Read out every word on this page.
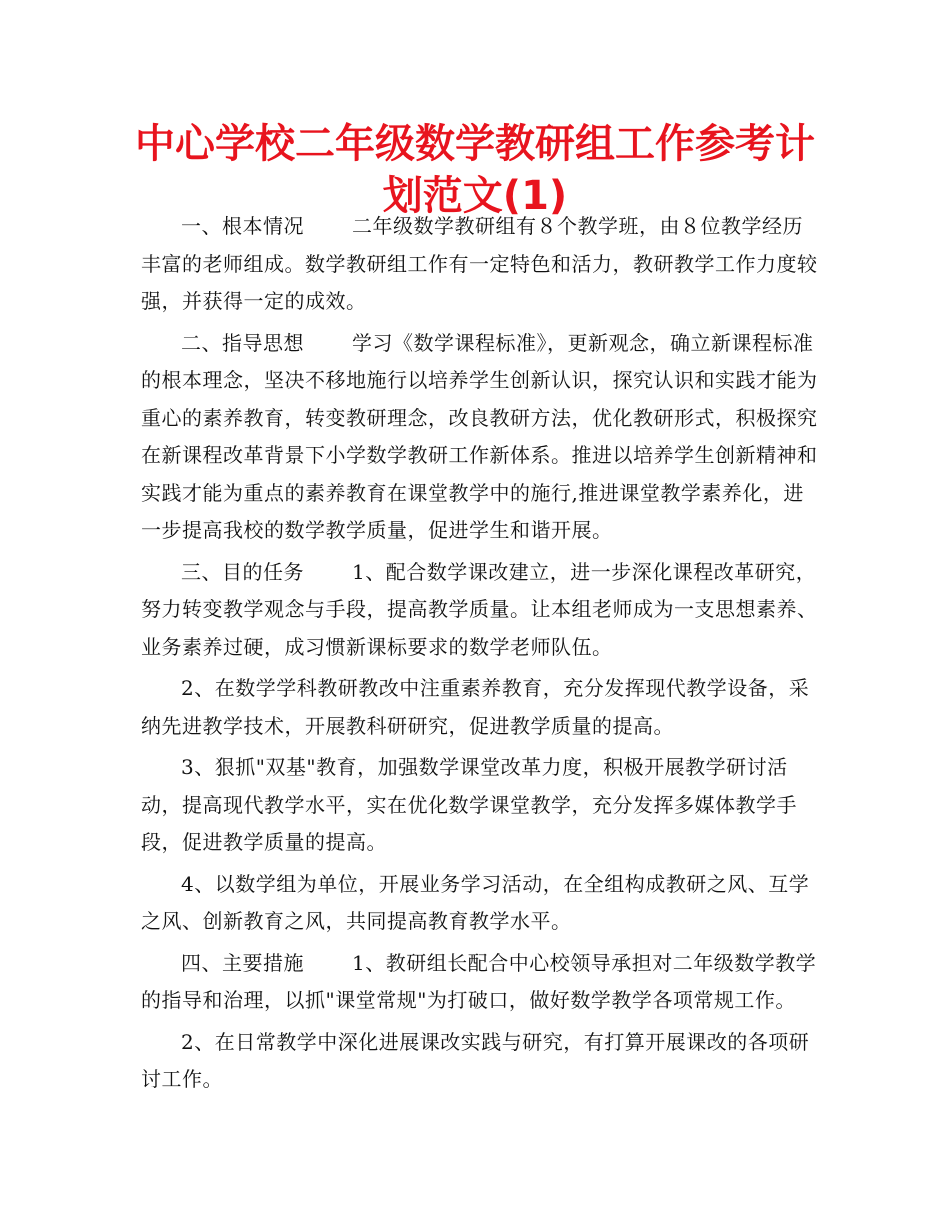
中心学校二年级数学教研组工作参考计划范文(1)

一、根本情况 二年级数学教研组有８个教学班，由８位教学经历丰富的老师组成。数学教研组工作有一定特色和活力，教研教学工作力度较强，并获得一定的成效。

二、指导思想 学习《数学课程标准》，更新观念，确立新课程标准的根本理念，坚决不移地施行以培养学生创新认识，探究认识和实践才能为重心的素养教育，转变教研理念，改良教研方法，优化教研形式，积极探究在新课程改革背景下小学数学教研工作新体系。推进以培养学生创新精神和实践才能为重点的素养教育在课堂教学中的施行,推进课堂教学素养化，进一步提高我校的数学教学质量，促进学生和谐开展。

三、目的任务 1、配合数学课改建立，进一步深化课程改革研究，努力转变教学观念与手段，提高教学质量。让本组老师成为一支思想素养、业务素养过硬，成习惯新课标要求的数学老师队伍。

2、在数学学科教研教改中注重素养教育，充分发挥现代教学设备，采纳先进教学技术，开展教科研研究，促进教学质量的提高。

3、狠抓"双基"教育，加强数学课堂改革力度，积极开展教学研讨活动，提高现代教学水平，实在优化数学课堂教学，充分发挥多媒体教学手段，促进教学质量的提高。

4、以数学组为单位，开展业务学习活动，在全组构成教研之风、互学之风、创新教育之风，共同提高教育教学水平。

四、主要措施 1、教研组长配合中心校领导承担对二年级数学教学的指导和治理，以抓"课堂常规"为打破口，做好数学教学各项常规工作。

2、在日常教学中深化进展课改实践与研究，有打算开展课改的各项研讨工作。
